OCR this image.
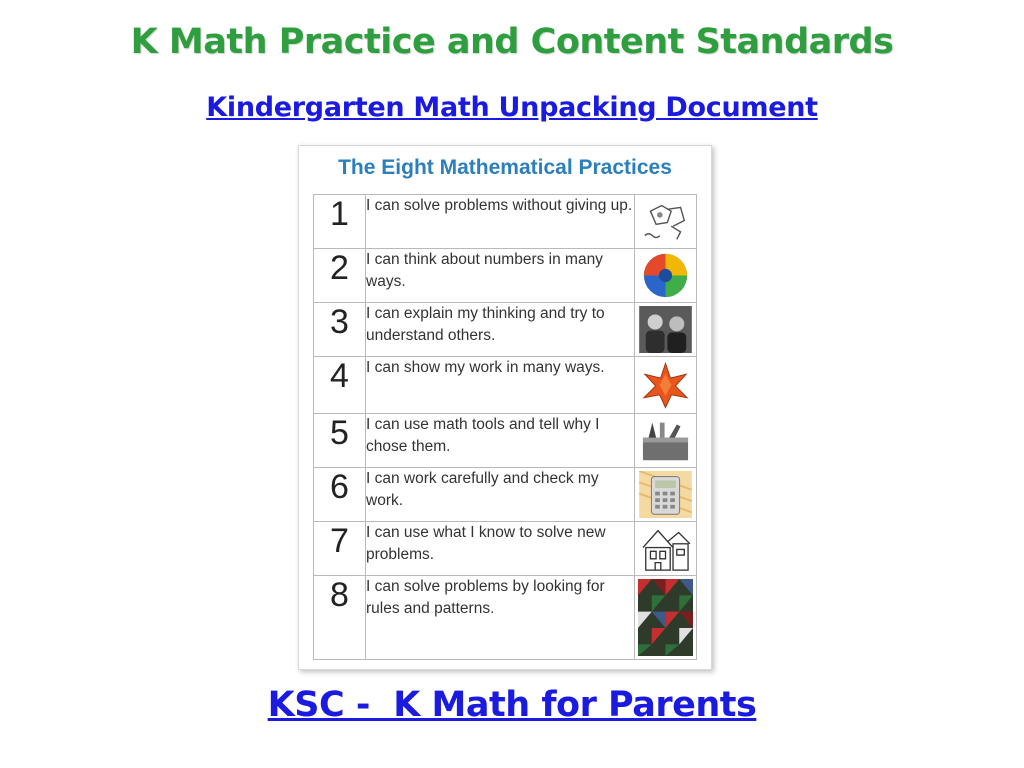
K Math Practice and Content Standards
Kindergarten Math Unpacking Document
The Eight Mathematical Practices
1	I can solve problems without giving up.	

2	I can think about numbers in many ways.	

3	I can explain my thinking and try to understand others.	

4	I can show my work in many ways.	

5	I can use math tools and tell why I chose them.	

6	I can work carefully and check my work.	

7	I can use what I know to solve new problems.	

8	I can solve problems by looking for rules and patterns.	
KSC -  K Math for Parents
